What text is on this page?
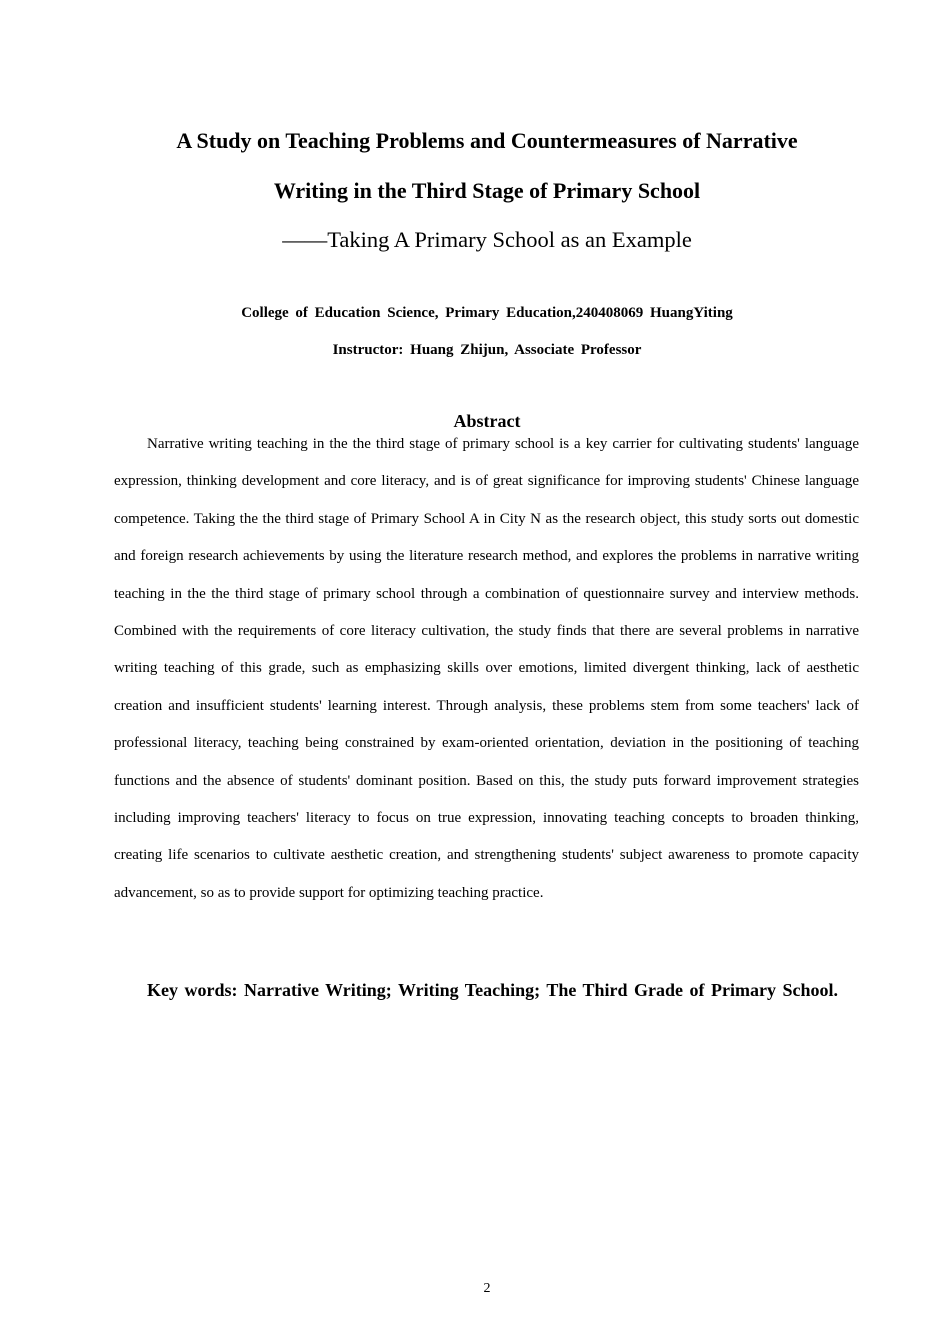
A Study on Teaching Problems and Countermeasures of Narrative
Writing in the Third Stage of Primary School
——Taking A Primary School as an Example
College of Education Science, Primary Education,240408069 HuangYiting
Instructor: Huang Zhijun, Associate Professor
Abstract

Narrative writing teaching in the the third stage of primary school is a key carrier for cultivating students' language expression, thinking development and core literacy, and is of great significance for improving students' Chinese language competence. Taking the the third stage of Primary School A in City N as the research object, this study sorts out domestic and foreign research achievements by using the literature research method, and explores the problems in narrative writing teaching in the the third stage of primary school through a combination of questionnaire survey and interview methods. Combined with the requirements of core literacy cultivation, the study finds that there are several problems in narrative writing teaching of this grade, such as emphasizing skills over emotions, limited divergent thinking, lack of aesthetic creation and insufficient students' learning interest. Through analysis, these problems stem from some teachers' lack of professional literacy, teaching being constrained by exam-oriented orientation, deviation in the positioning of teaching functions and the absence of students' dominant position. Based on this, the study puts forward improvement strategies including improving teachers' literacy to focus on true expression, innovating teaching concepts to broaden thinking, creating life scenarios to cultivate aesthetic creation, and strengthening students' subject awareness to promote capacity advancement, so as to provide support for optimizing teaching practice.

Key words: Narrative Writing; Writing Teaching; The Third Grade of Primary School.

2
